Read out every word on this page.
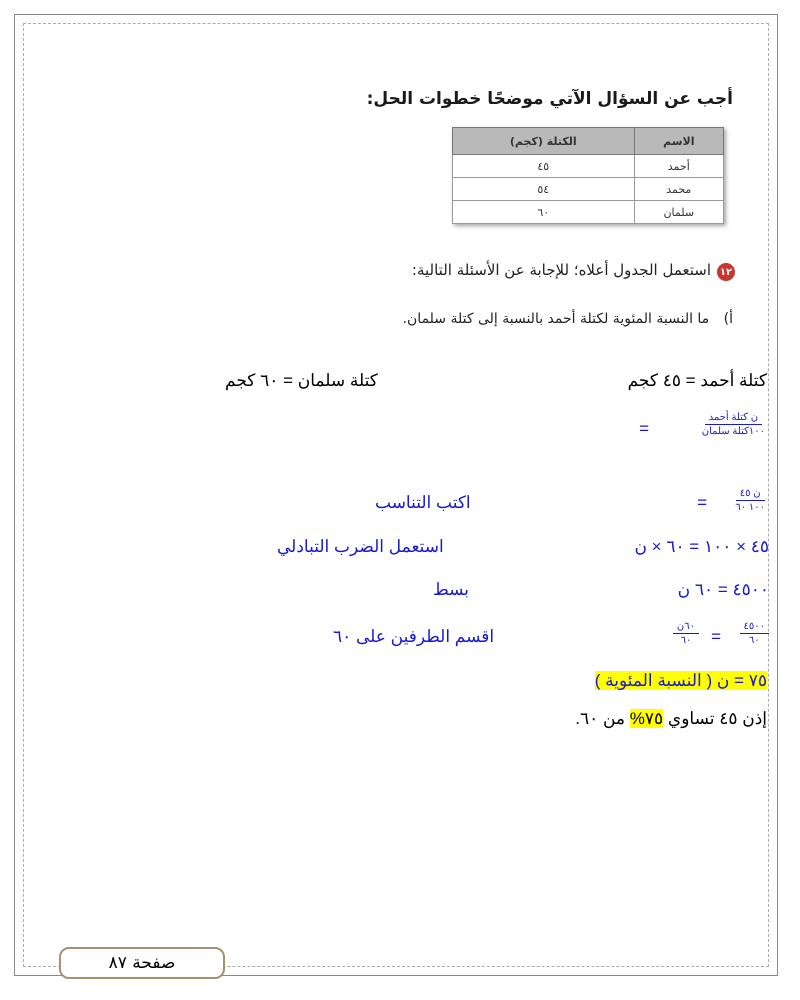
أجب عن السؤال الآتي موضحًا خطوات الحل:
الاسم	الكتلة (كجم)
أحمد	٤٥
محمد	٥٤
سلمان	٦٠
١٢
استعمل الجدول أعلاه؛ للإجابة عن الأسئلة التالية:
أ) ما النسبة المئوية لكتلة أحمد بالنسبة إلى كتلة سلمان.
كتلة أحمد = ٤٥ كجم
كتلة سلمان = ٦٠ كجم
ن كتلة أحمد
١٠٠كتلة سلمان
=
ن ٤٥
١٠٠ ٦٠
=
اكتب التناسب
٤٥ × ١٠٠ = ٦٠ × ن
استعمل الضرب التبادلي
٤٥٠٠ = ٦٠ ن
بسط
٤٥٠٠
٦٠
=
٦٠ن
٦٠
اقسم الطرفين على ٦٠
٧٥ = ن ( النسبة المئوية )
إذن ٤٥ تساوي ٧٥% من ٦٠.
صفحة ٨٧
